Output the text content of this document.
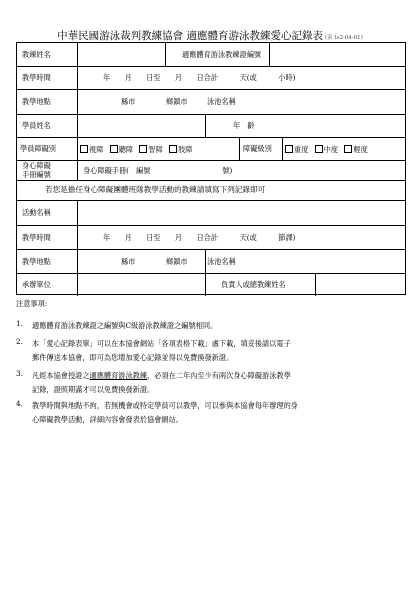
中華民國游泳裁判教練協會 適應體育游泳教練愛心記錄表 (表 ts2-04-01)
教練姓名	適應體育游泳教練證編號
教學時間	年　　月　　日至　　月　　日合計　　　天(或　　　小時)
教學地點	縣市	鄉鎮市	泳池名稱
學員姓名	年　齡
學員障礙別	視障 聽障 智障 肢障	障礙級別	重度 中度 輕度
身心障礙
手冊編號	身心障礙手冊(　編號　　　　　　　　　　號)
若您是擔任身心障礙團體班隊教學活動的教練請填寫下列記錄即可
活動名稱
教學時間	年　　月　　日至　　月　　日合計　　　天(或　　　節課)
教學地點	縣市	鄉鎮市	泳池名稱
承辦單位	負責人或總教練姓名
注意事項:
1. 適應體育游泳教練證之編號與C級游泳教練證之編號相同。
2. 本「愛心記錄表單」可以在本協會網站「各項表格下載」處下載，填妥後請以電子
郵件傳送本協會，即可為您增加愛心記錄並得以免費換發新證。
3. 凡經本協會授證之適應體育游泳教練，必須在二年內至少有兩次身心障礙游泳教學
記錄，證照期滿才可以免費換發新證。
4. 教學時間與地點不拘，若無機會或特定學員可以教學，可以參與本協會每年辦理的身
心障礙教學活動，詳細內容會發表於協會網站。
